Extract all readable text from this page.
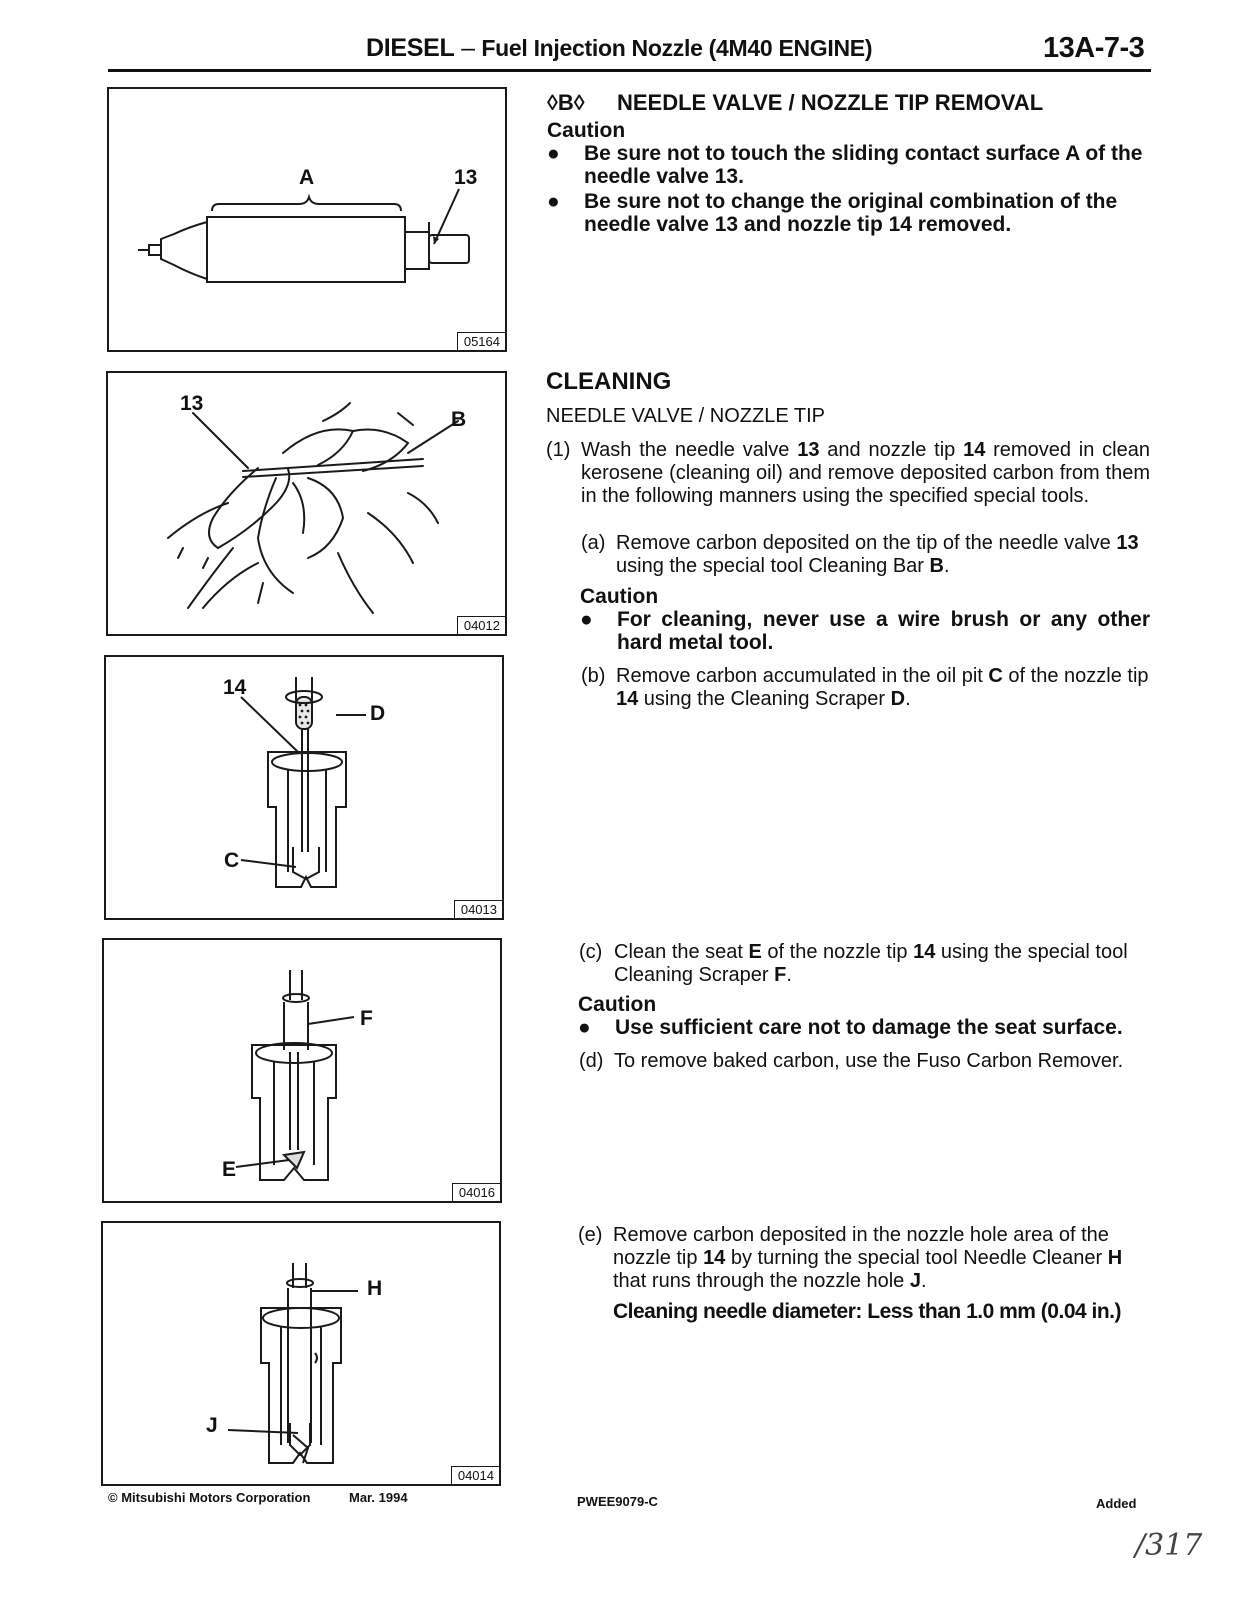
DIESEL – Fuel Injection Nozzle (4M40 ENGINE)	13A-7-3
A	13
05164
13
B
04012
14
D
C
04013
F
E
04016
H
J
04014
◊B◊ NEEDLE VALVE / NOZZLE TIP REMOVAL
Caution
●	Be sure not to touch the sliding contact surface A of the
needle valve 13.
●	Be sure not to change the original combination of the
needle valve 13 and nozzle tip 14 removed.
CLEANING
NEEDLE VALVE / NOZZLE TIP
(1) Wash the needle valve 13 and nozzle tip 14 removed in clean kerosene (cleaning oil) and remove deposited carbon from them in the following manners using the specified special tools.
(a) Remove carbon deposited on the tip of the needle valve 13 using the special tool Cleaning Bar B.
Caution
●	For cleaning, never use a wire brush or any other hard metal tool.
(b) Remove carbon accumulated in the oil pit C of the nozzle tip 14 using the Cleaning Scraper D.
(c) Clean the seat E of the nozzle tip 14 using the special tool Cleaning Scraper F.
Caution
●	Use sufficient care not to damage the seat surface.
(d) To remove baked carbon, use the Fuso Carbon Remover.
(e) Remove carbon deposited in the nozzle hole area of the nozzle tip 14 by turning the special tool Needle Cleaner H that runs through the nozzle hole J.
Cleaning needle diameter: Less than 1.0 mm (0.04 in.)
© Mitsubishi Motors Corporation	Mar. 1994	PWEE9079-C	Added
/317
